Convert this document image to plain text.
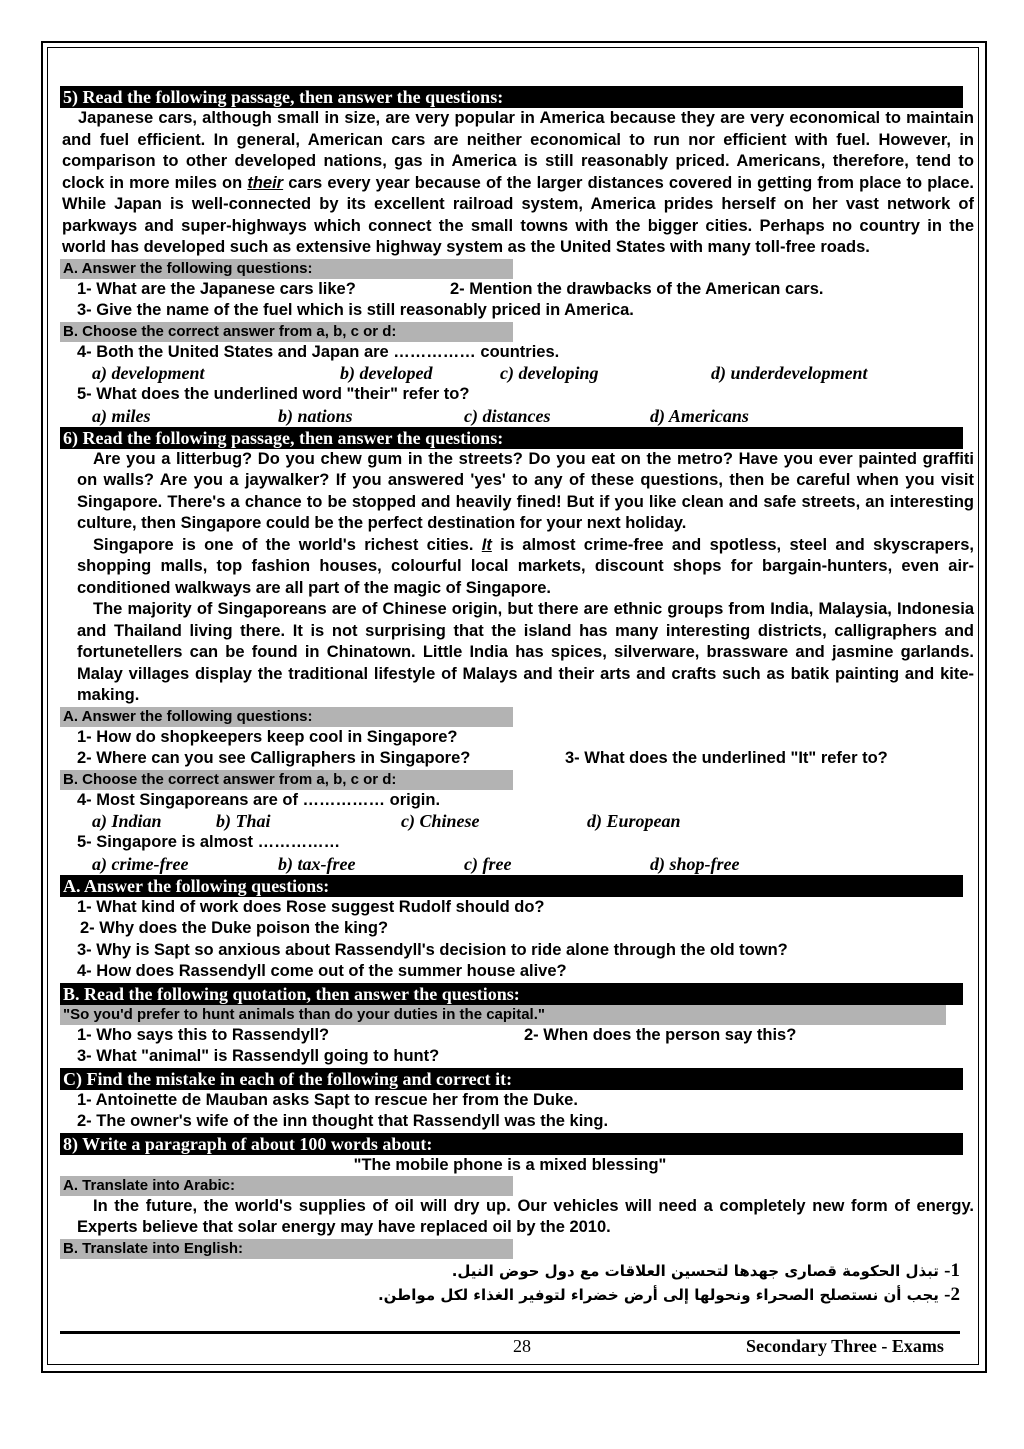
5) Read the following passage, then answer the questions:
Japanese cars, although small in size, are very popular in America because they are very economical to maintain and fuel efficient. In general, American cars are neither economical to run nor efficient with fuel. However, in comparison to other developed nations, gas in America is still reasonably priced. Americans, therefore, tend to clock in more miles on their cars every year because of the larger distances covered in getting from place to place. While Japan is well-connected by its excellent railroad system, America prides herself on her vast network of parkways and super-highways which connect the small towns with the bigger cities. Perhaps no country in the world has developed such as extensive highway system as the United States with many toll-free roads.
A. Answer the following questions:
1- What are the Japanese cars like?	2- Mention the drawbacks of the American cars.
3- Give the name of the fuel which is still reasonably priced in America.
B. Choose the correct answer from a, b, c or d:
4- Both the United States and Japan are …………… countries.
a) development	b) developed	c) developing	d) underdevelopment
5- What does the underlined word "their" refer to?
a) miles	b) nations	c) distances	d) Americans
6) Read the following passage, then answer the questions:
Are you a litterbug? Do you chew gum in the streets? Do you eat on the metro? Have you ever painted graffiti on walls? Are you a jaywalker? If you answered 'yes' to any of these questions, then be careful when you visit Singapore. There's a chance to be stopped and heavily fined! But if you like clean and safe streets, an interesting culture, then Singapore could be the perfect destination for your next holiday.
Singapore is one of the world's richest cities. It is almost crime-free and spotless, steel and skyscrapers, shopping malls, top fashion houses, colourful local markets, discount shops for bargain-hunters, even air-conditioned walkways are all part of the magic of Singapore.
The majority of Singaporeans are of Chinese origin, but there are ethnic groups from India, Malaysia, Indonesia and Thailand living there. It is not surprising that the island has many interesting districts, calligraphers and fortunetellers can be found in Chinatown. Little India has spices, silverware, brassware and jasmine garlands. Malay villages display the traditional lifestyle of Malays and their arts and crafts such as batik painting and kite-making.
A. Answer the following questions:
1- How do shopkeepers keep cool in Singapore?
2- Where can you see Calligraphers in Singapore?	3- What does the underlined "It" refer to?
B. Choose the correct answer from a, b, c or d:
4- Most Singaporeans are of …………… origin.
a) Indian	b) Thai	c) Chinese	d) European
5- Singapore is almost ……………
a) crime-free	b) tax-free	c) free	d) shop-free
A. Answer the following questions:
1- What kind of work does Rose suggest Rudolf should do?
2- Why does the Duke poison the king?
3- Why is Sapt so anxious about Rassendyll's decision to ride alone through the old town?
4- How does Rassendyll come out of the summer house alive?
B. Read the following quotation, then answer the questions:
"So you'd prefer to hunt animals than do your duties in the capital."
1- Who says this to Rassendyll?	2- When does the person say this?
3- What "animal" is Rassendyll going to hunt?
C) Find the mistake in each of the following and correct it:
1- Antoinette de Mauban asks Sapt to rescue her from the Duke.
2- The owner's wife of the inn thought that Rassendyll was the king.
8) Write a paragraph of about 100 words about:
"The mobile phone is a mixed blessing"
A. Translate into Arabic:
In the future, the world's supplies of oil will dry up. Our vehicles will need a completely new form of energy. Experts believe that solar energy may have replaced oil by the 2010.
B. Translate into English:
1- تبذل الحكومة قصارى جهدها لتحسين العلاقات مع دول حوض النيل.
2- يجب أن نستصلح الصحراء ونحولها إلى أرض خضراء لتوفير الغذاء لكل مواطن.
28	Secondary Three - Exams
